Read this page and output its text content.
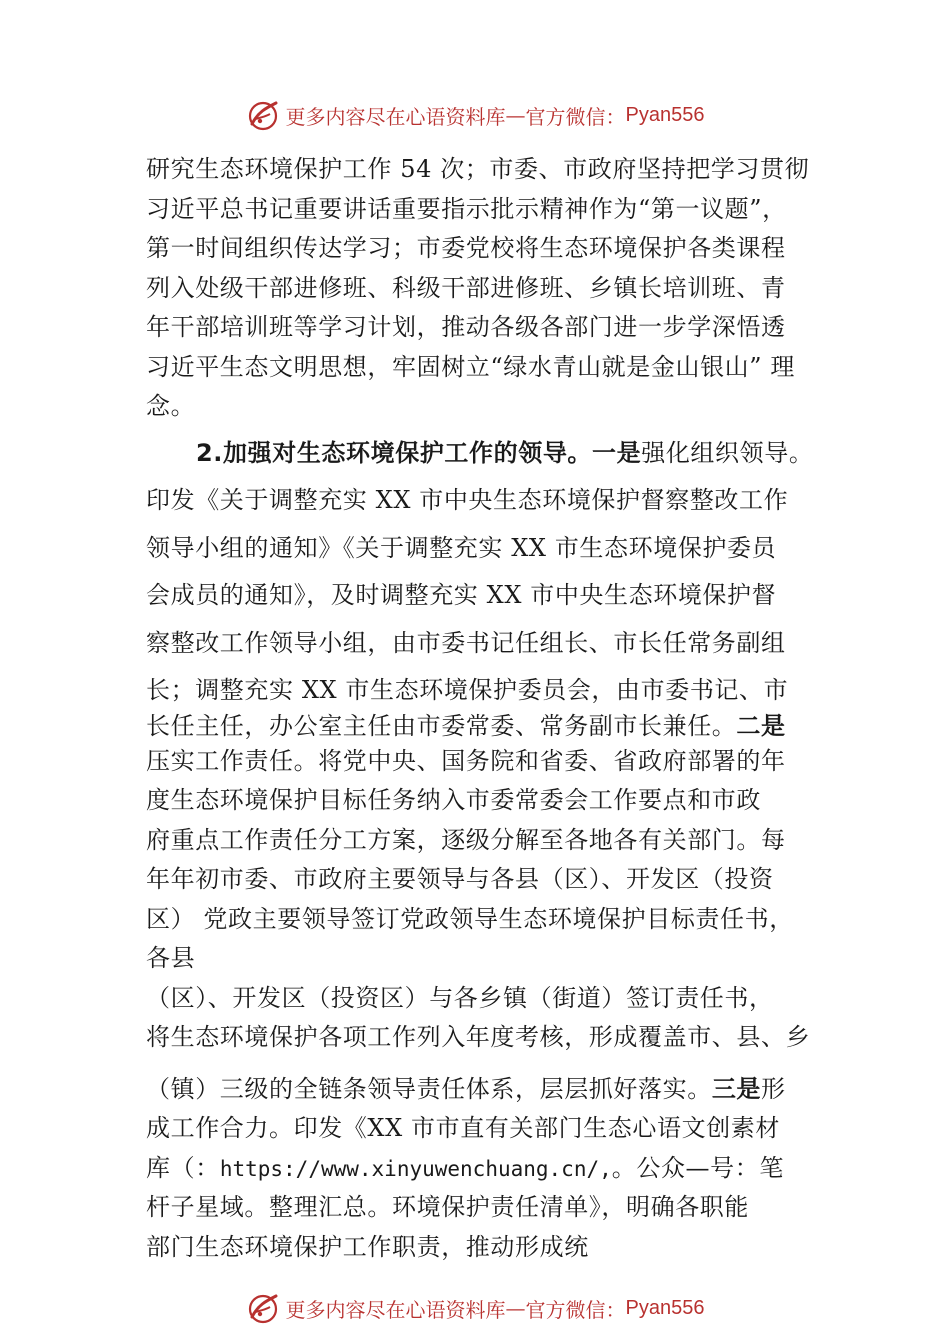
更多内容尽在心语资料库 — 官方微信： Pyan556
研究生态环境保护工作 54 次；市委、市政府坚持把学习贯彻
习近平总书记重要讲话重要指示批示精神作为“第一议题”，
第一时间组织传达学习；市委党校将生态环境保护各类课程
列入处级干部进修班、科级干部进修班、乡镇长培训班、青
年干部培训班等学习计划，推动各级各部门进一步学深悟透
习近平生态文明思想，牢固树立“绿水青山就是金山银山” 理
念。
2.加强对生态环境保护工作的领导。一是强化组织领导。
印发《关于调整充实 XX 市中央生态环境保护督察整改工作
领导小组的通知》《关于调整充实 XX 市生态环境保护委员
会成员的通知》，及时调整充实 XX 市中央生态环境保护督
察整改工作领导小组，由市委书记任组长、市长任常务副组
长；调整充实 XX 市生态环境保护委员会，由市委书记、市
长任主任，办公室主任由市委常委、常务副市长兼任。二是
压实工作责任。将党中央、国务院和省委、省政府部署的年
度生态环境保护目标任务纳入市委常委会工作要点和市政
府重点工作责任分工方案，逐级分解至各地各有关部门。每
年年初市委、市政府主要领导与各县（区）、开发区（投资
区） 党政主要领导签订党政领导生态环境保护目标责任书，
各县
（区）、开发区（投资区）与各乡镇（街道）签订责任书，
将生态环境保护各项工作列入年度考核，形成覆盖市、县、乡
（镇）三级的全链条领导责任体系，层层抓好落实。三是形
成工作合力。印发《XX 市市直有关部门生态心语文创素材
库（：https://www.xinyuwenchuang.cn/,。公众—号：笔
杆子星域。整理汇总。环境保护责任清单》，明确各职能
部门生态环境保护工作职责，推动形成统
更多内容尽在心语资料库 — 官方微信： Pyan556
